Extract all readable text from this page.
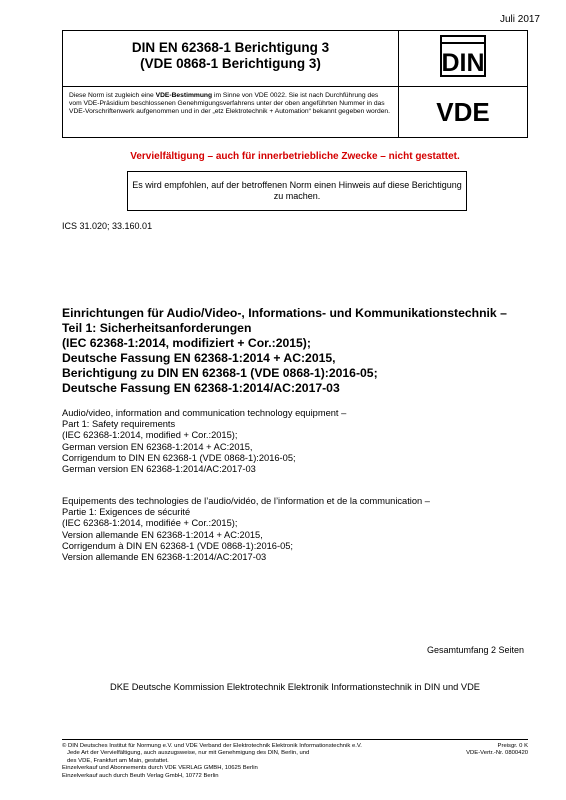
Juli 2017
DIN EN 62368-1 Berichtigung 3
(VDE 0868-1 Berichtigung 3)	DIN
Diese Norm ist zugleich eine VDE-Bestimmung im Sinne von VDE 0022. Sie ist nach Durchführung des vom VDE-Präsidium beschlossenen Genehmigungsverfahrens unter der oben angeführten Nummer in das VDE-Vorschriftenwerk aufgenommen und in der „etz Elektrotechnik + Automation“ bekannt gegeben worden.	VDE
Vervielfältigung – auch für innerbetriebliche Zwecke – nicht gestattet.
Es wird empfohlen, auf der betroffenen Norm einen Hinweis auf diese Berichtigung zu machen.
ICS 31.020; 33.160.01
Einrichtungen für Audio/Video-, Informations- und Kommunikationstechnik –
Teil 1: Sicherheitsanforderungen
(IEC 62368-1:2014, modifiziert + Cor.:2015);
Deutsche Fassung EN 62368-1:2014 + AC:2015,
Berichtigung zu DIN EN 62368-1 (VDE 0868-1):2016-05;
Deutsche Fassung EN 62368-1:2014/AC:2017-03
Audio/video, information and communication technology equipment –
Part 1: Safety requirements
(IEC 62368-1:2014, modified + Cor.:2015);
German version EN 62368-1:2014 + AC:2015,
Corrigendum to DIN EN 62368-1 (VDE 0868-1):2016-05;
German version EN 62368-1:2014/AC:2017-03
Equipements des technologies de l’audio/vidéo, de l’information et de la communication –
Partie 1: Exigences de sécurité
(IEC 62368-1:2014, modifiée + Cor.:2015);
Version allemande EN 62368-1:2014 + AC:2015,
Corrigendum à DIN EN 62368-1 (VDE 0868-1):2016-05;
Version allemande EN 62368-1:2014/AC:2017-03
Gesamtumfang 2 Seiten
DKE Deutsche Kommission Elektrotechnik Elektronik Informationstechnik in DIN und VDE
© DIN Deutsches Institut für Normung e.V. und VDE Verband der Elektrotechnik Elektronik Informationstechnik e.V.
Jede Art der Vervielfältigung, auch auszugsweise, nur mit Genehmigung des DIN, Berlin, und
des VDE, Frankfurt am Main, gestattet.
Einzelverkauf und Abonnements durch VDE VERLAG GMBH, 10625 Berlin
Einzelverkauf auch durch Beuth Verlag GmbH, 10772 Berlin
Preisgr. 0 K
VDE-Vertr.-Nr. 0800420
